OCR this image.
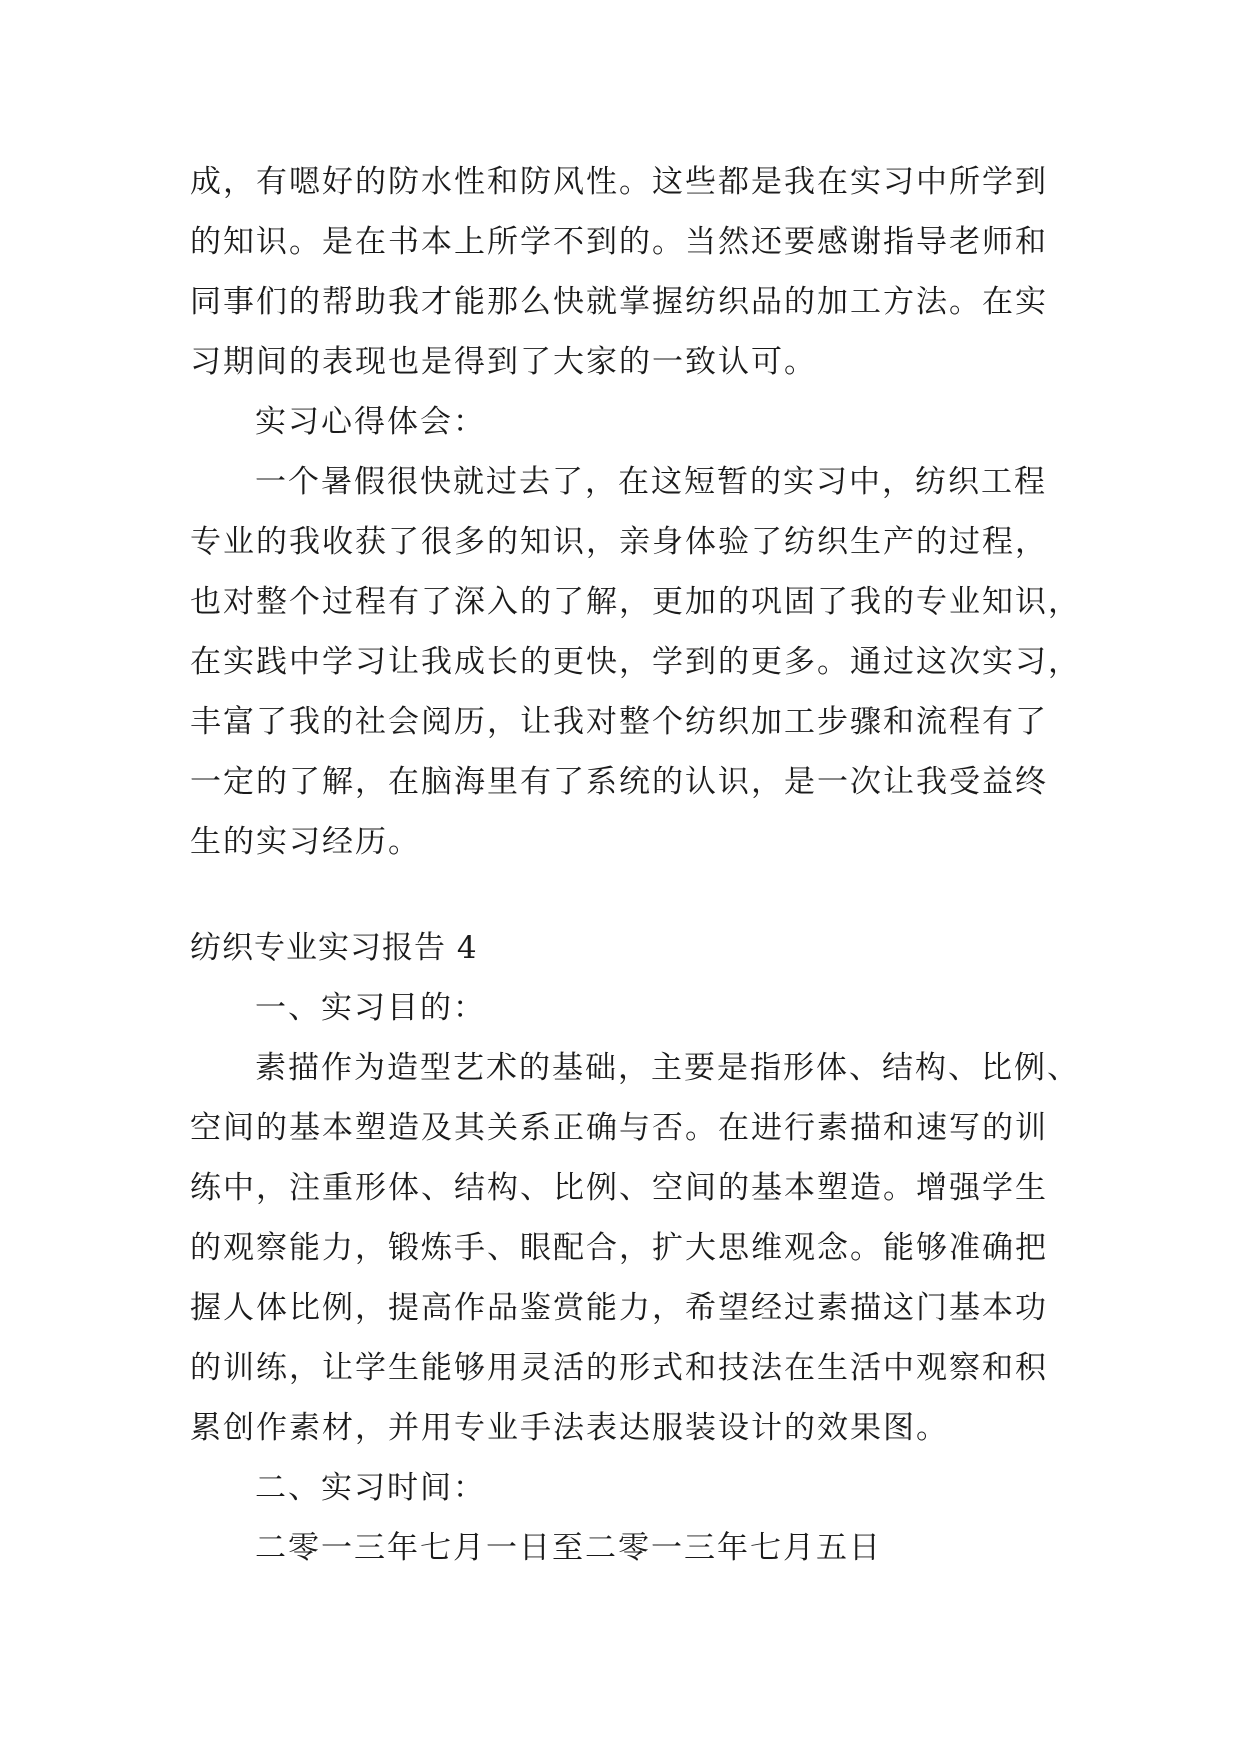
成，有嗯好的防水性和防风性。这些都是我在实习中所学到
的知识。是在书本上所学不到的。当然还要感谢指导老师和
同事们的帮助我才能那么快就掌握纺织品的加工方法。在实
习期间的表现也是得到了大家的一致认可。
实习心得体会：
一个暑假很快就过去了，在这短暂的实习中，纺织工程
专业的我收获了很多的知识，亲身体验了纺织生产的过程，
也对整个过程有了深入的了解，更加的巩固了我的专业知识，
在实践中学习让我成长的更快，学到的更多。通过这次实习，
丰富了我的社会阅历，让我对整个纺织加工步骤和流程有了
一定的了解，在脑海里有了系统的认识，是一次让我受益终
生的实习经历。
纺织专业实习报告 4
一、实习目的：
素描作为造型艺术的基础，主要是指形体、结构、比例、
空间的基本塑造及其关系正确与否。在进行素描和速写的训
练中，注重形体、结构、比例、空间的基本塑造。增强学生
的观察能力，锻炼手、眼配合，扩大思维观念。能够准确把
握人体比例，提高作品鉴赏能力，希望经过素描这门基本功
的训练，让学生能够用灵活的形式和技法在生活中观察和积
累创作素材，并用专业手法表达服装设计的效果图。
二、实习时间：
二零一三年七月一日至二零一三年七月五日
